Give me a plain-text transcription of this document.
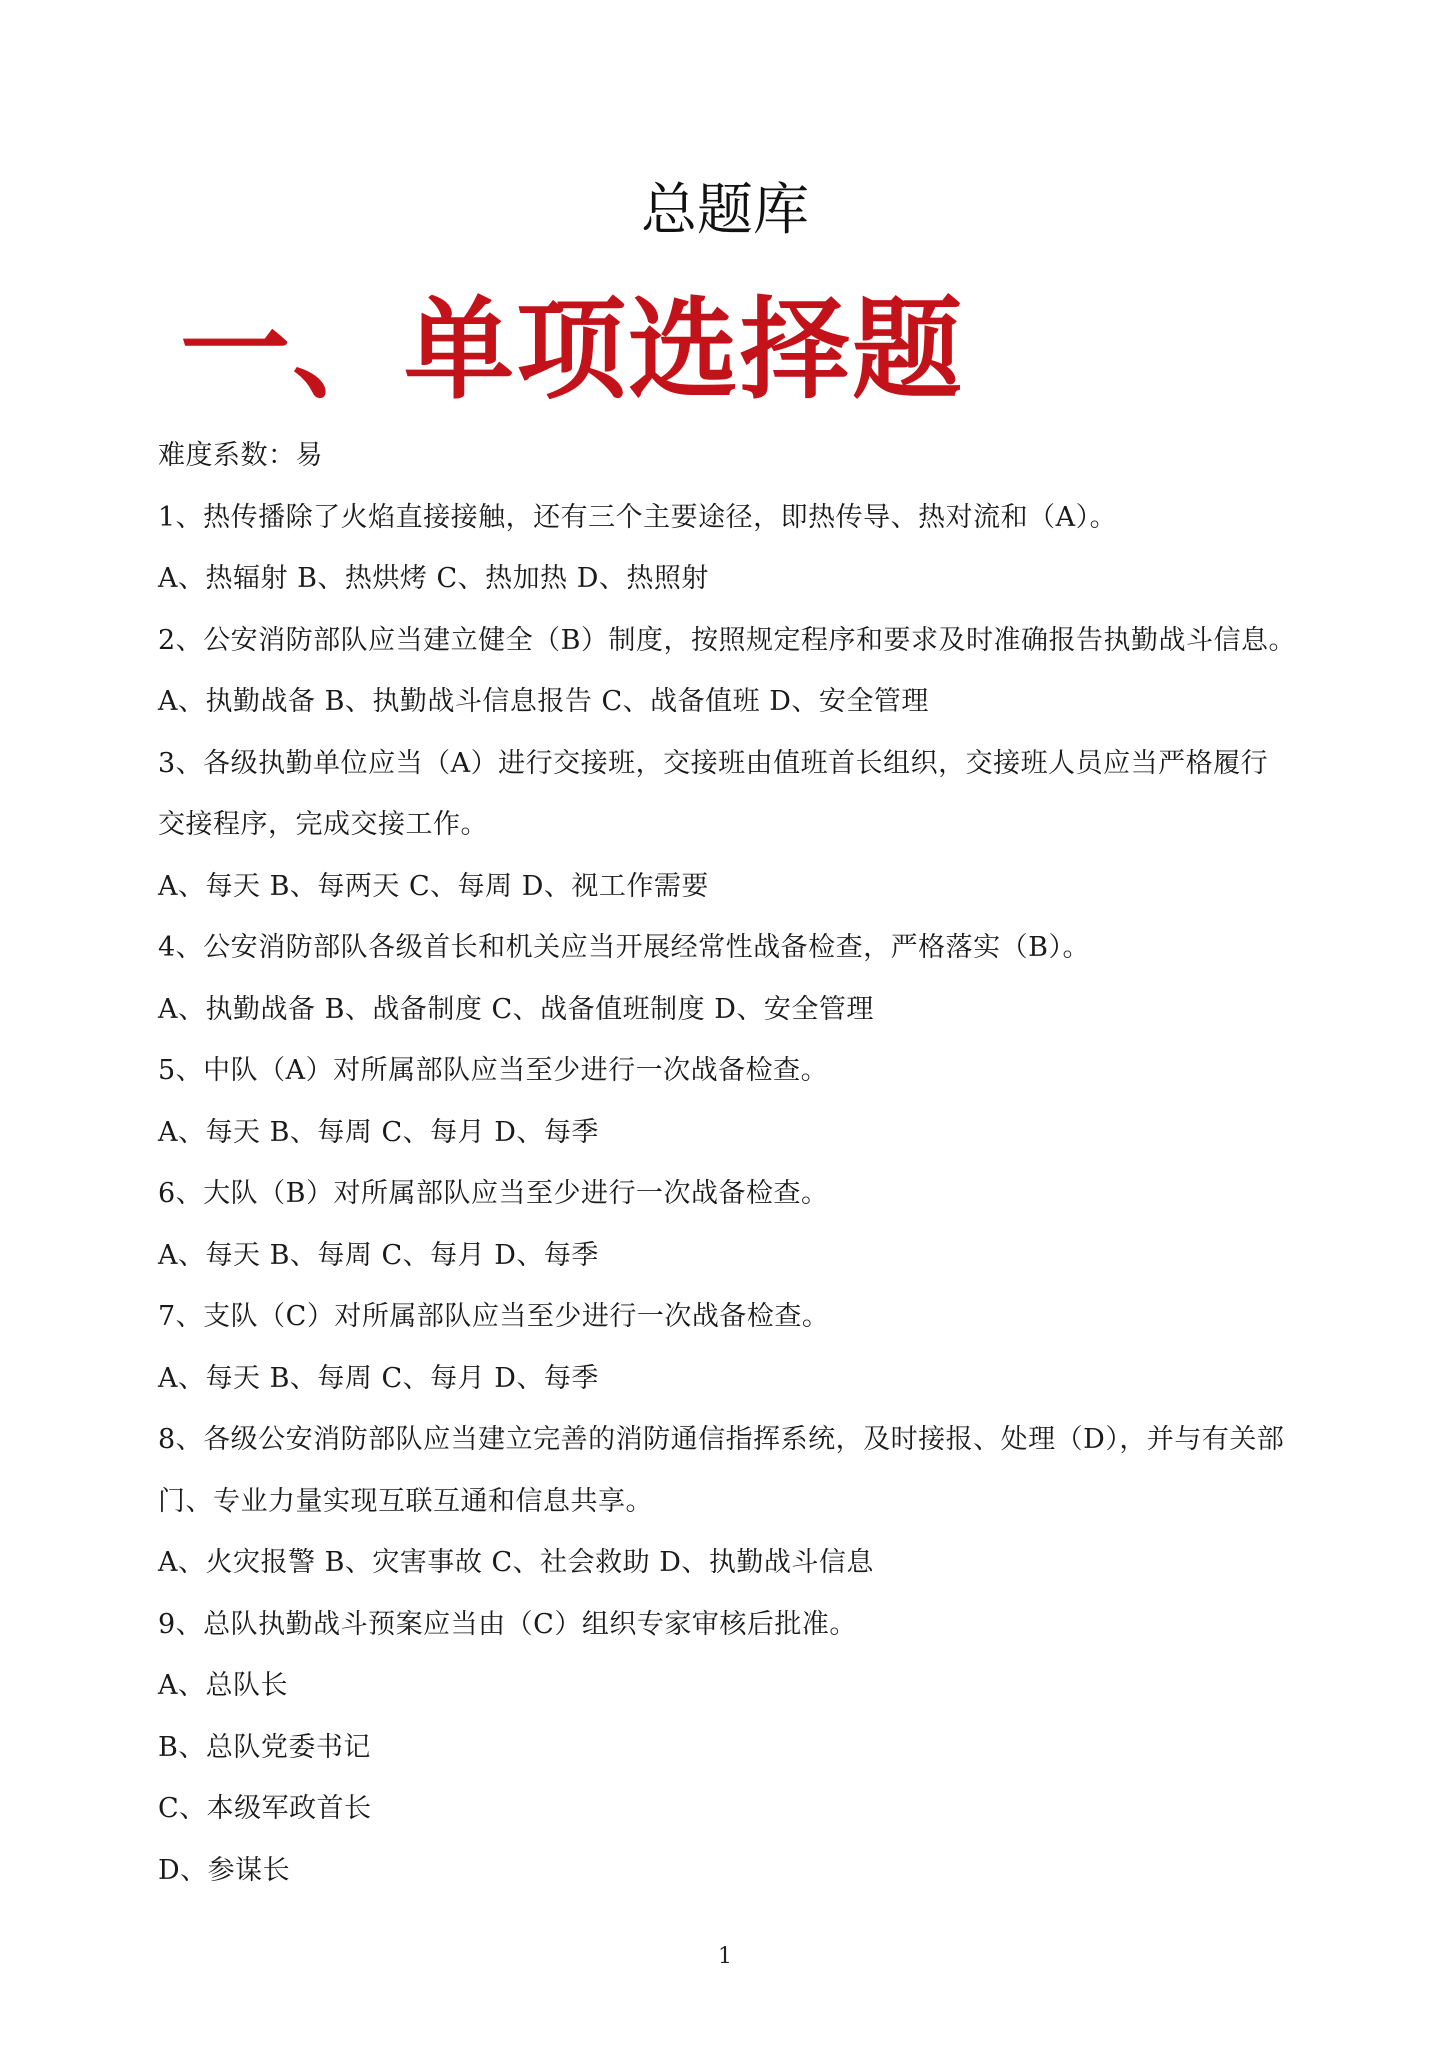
总题库
一、单项选择题
难度系数：易
1、热传播除了火焰直接接触，还有三个主要途径，即热传导、热对流和（A）。
A、热辐射 B、热烘烤 C、热加热 D、热照射
2、公安消防部队应当建立健全（B）制度，按照规定程序和要求及时准确报告执勤战斗信息。
A、执勤战备 B、执勤战斗信息报告 C、战备值班 D、安全管理
3、各级执勤单位应当（A）进行交接班，交接班由值班首长组织，交接班人员应当严格履行
交接程序，完成交接工作。
A、每天 B、每两天 C、每周 D、视工作需要
4、公安消防部队各级首长和机关应当开展经常性战备检查，严格落实（B）。
A、执勤战备 B、战备制度 C、战备值班制度 D、安全管理
5、中队（A）对所属部队应当至少进行一次战备检查。
A、每天 B、每周 C、每月 D、每季
6、大队（B）对所属部队应当至少进行一次战备检查。
A、每天 B、每周 C、每月 D、每季
7、支队（C）对所属部队应当至少进行一次战备检查。
A、每天 B、每周 C、每月 D、每季
8、各级公安消防部队应当建立完善的消防通信指挥系统，及时接报、处理（D），并与有关部
门、专业力量实现互联互通和信息共享。
A、火灾报警 B、灾害事故 C、社会救助 D、执勤战斗信息
9、总队执勤战斗预案应当由（C）组织专家审核后批准。
A、总队长
B、总队党委书记
C、本级军政首长
D、参谋长
1
